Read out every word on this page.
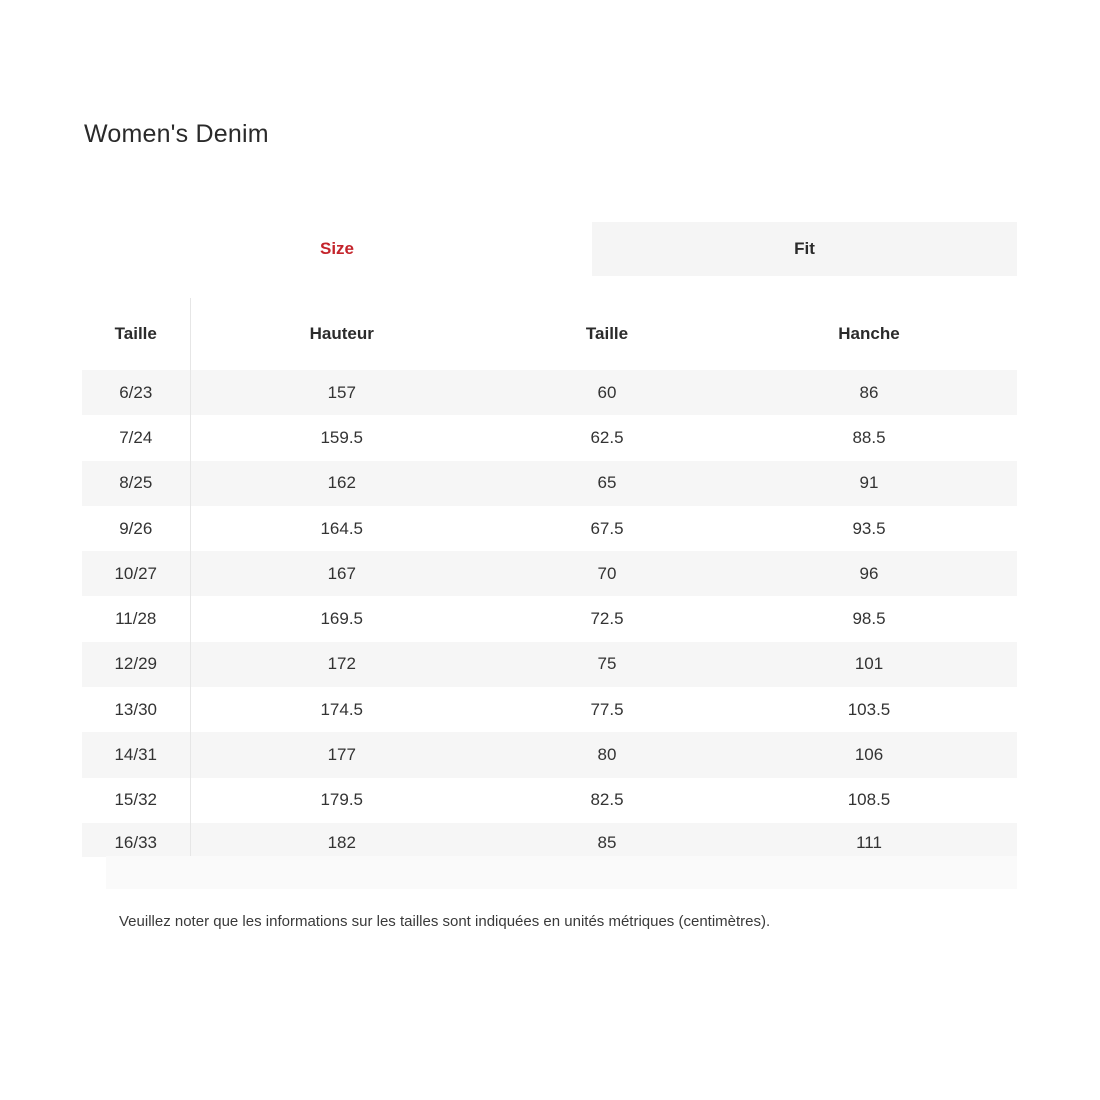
Women's Denim
Size	Fit
Taille	Hauteur	Taille	Hanche
6/23	157	60	86
7/24	159.5	62.5	88.5
8/25	162	65	91
9/26	164.5	67.5	93.5
10/27	167	70	96
11/28	169.5	72.5	98.5
12/29	172	75	101
13/30	174.5	77.5	103.5
14/31	177	80	106
15/32	179.5	82.5	108.5
16/33	182	85	111
Veuillez noter que les informations sur les tailles sont indiquées en unités métriques (centimètres).
